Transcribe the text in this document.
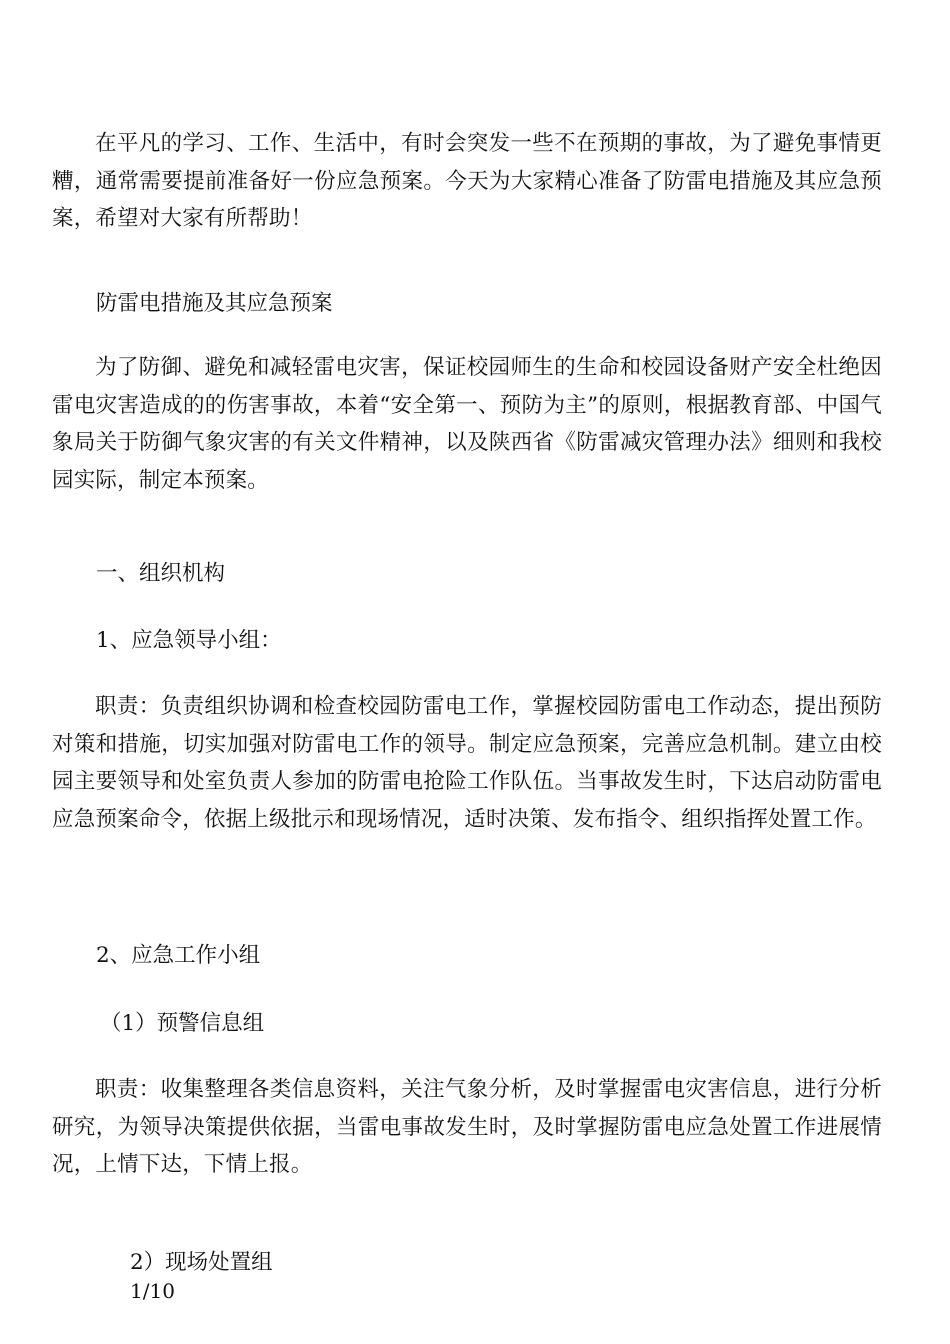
在平凡的学习、工作、生活中，有时会突发一些不在预期的事故，为了避免事情更糟，通常需要提前准备好一份应急预案。今天为大家精心准备了防雷电措施及其应急预案，希望对大家有所帮助！

防雷电措施及其应急预案

为了防御、避免和减轻雷电灾害，保证校园师生的生命和校园设备财产安全杜绝因雷电灾害造成的的伤害事故，本着“安全第一、预防为主”的原则，根据教育部、中国气象局关于防御气象灾害的有关文件精神，以及陕西省《防雷减灾管理办法》细则和我校园实际，制定本预案。

一、组织机构

1、应急领导小组：

职责：负责组织协调和检查校园防雷电工作，掌握校园防雷电工作动态，提出预防对策和措施，切实加强对防雷电工作的领导。制定应急预案，完善应急机制。建立由校园主要领导和处室负责人参加的防雷电抢险工作队伍。当事故发生时，下达启动防雷电应急预案命令，依据上级批示和现场情况，适时决策、发布指令、组织指挥处置工作。

2、应急工作小组

（1）预警信息组

职责：收集整理各类信息资料，关注气象分析，及时掌握雷电灾害信息，进行分析研究，为领导决策提供依据，当雷电事故发生时，及时掌握防雷电应急处置工作进展情况，上情下达，下情上报。

2）现场处置组

1/10
